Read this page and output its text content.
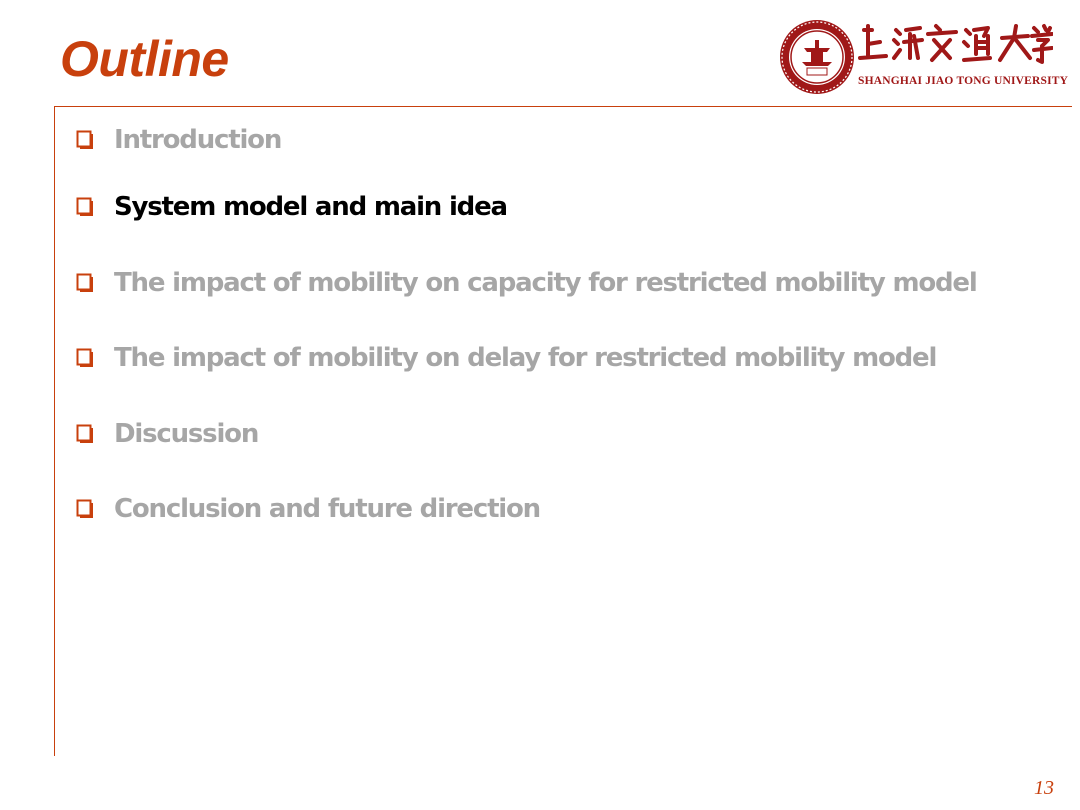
Outline	SHANGHAI JIAO TONG UNIVERSITY
Introduction
System model and main idea
The impact of mobility on capacity for restricted mobility model
The impact of mobility on delay for restricted mobility model
Discussion
Conclusion and future direction
13
